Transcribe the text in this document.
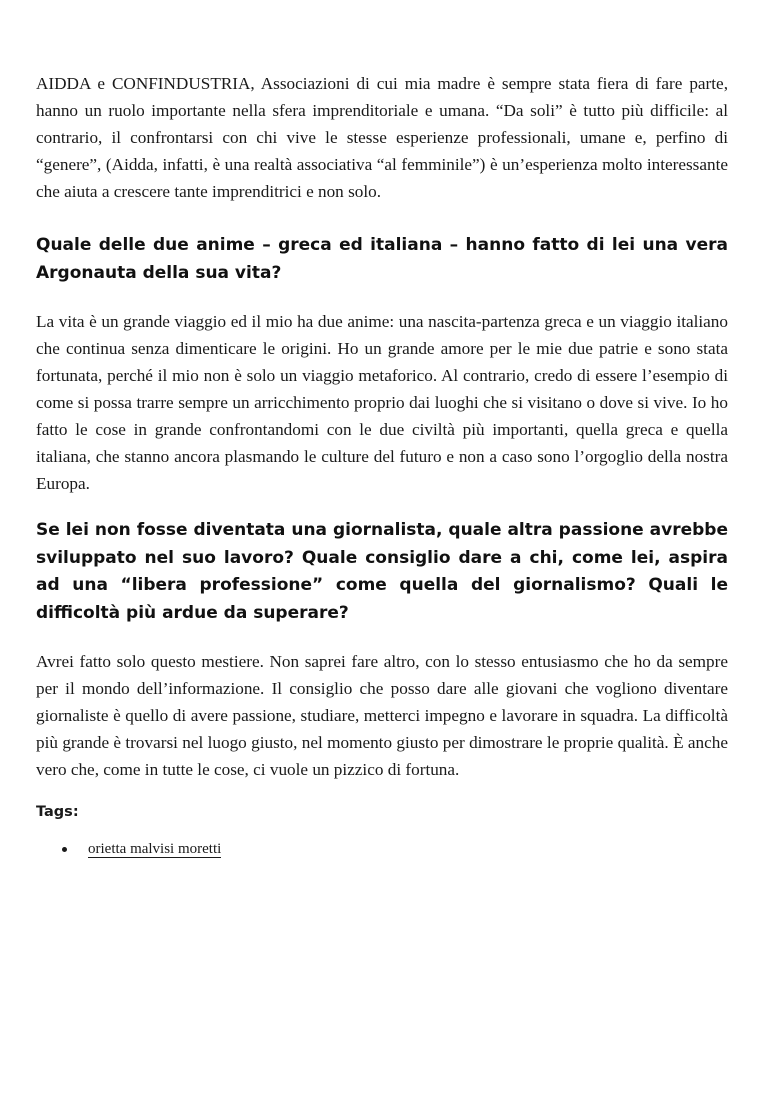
AIDDA e CONFINDUSTRIA, Associazioni di cui mia madre è sempre stata fiera di fare parte, hanno un ruolo importante nella sfera imprenditoriale e umana. “Da soli” è tutto più difficile: al contrario, il confrontarsi con chi vive le stesse esperienze professionali, umane e, perfino di “genere”, (Aidda, infatti, è una realtà associativa “al femminile”) è un’esperienza molto interessante che aiuta a crescere tante imprenditrici e non solo.

Quale delle due anime – greca ed italiana – hanno fatto di lei una vera Argonauta della sua vita?

La vita è un grande viaggio ed il mio ha due anime: una nascita-partenza greca e un viaggio italiano che continua senza dimenticare le origini. Ho un grande amore per le mie due patrie e sono stata fortunata, perché il mio non è solo un viaggio metaforico. Al contrario, credo di essere l’esempio di come si possa trarre sempre un arricchimento proprio dai luoghi che si visitano o dove si vive. Io ho fatto le cose in grande confrontandomi con le due civiltà più importanti, quella greca e quella italiana, che stanno ancora plasmando le culture del futuro e non a caso sono l’orgoglio della nostra Europa.

Se lei non fosse diventata una giornalista, quale altra passione avrebbe sviluppato nel suo lavoro? Quale consiglio dare a chi, come lei, aspira ad una “libera professione” come quella del giornalismo? Quali le difficoltà più ardue da superare?

Avrei fatto solo questo mestiere. Non saprei fare altro, con lo stesso entusiasmo che ho da sempre per il mondo dell’informazione. Il consiglio che posso dare alle giovani che vogliono diventare giornaliste è quello di avere passione, studiare, metterci impegno e lavorare in squadra. La difficoltà più grande è trovarsi nel luogo giusto, nel momento giusto per dimostrare le proprie qualità. È anche vero che, come in tutte le cose, ci vuole un pizzico di fortuna.

Tags:
orietta malvisi moretti
